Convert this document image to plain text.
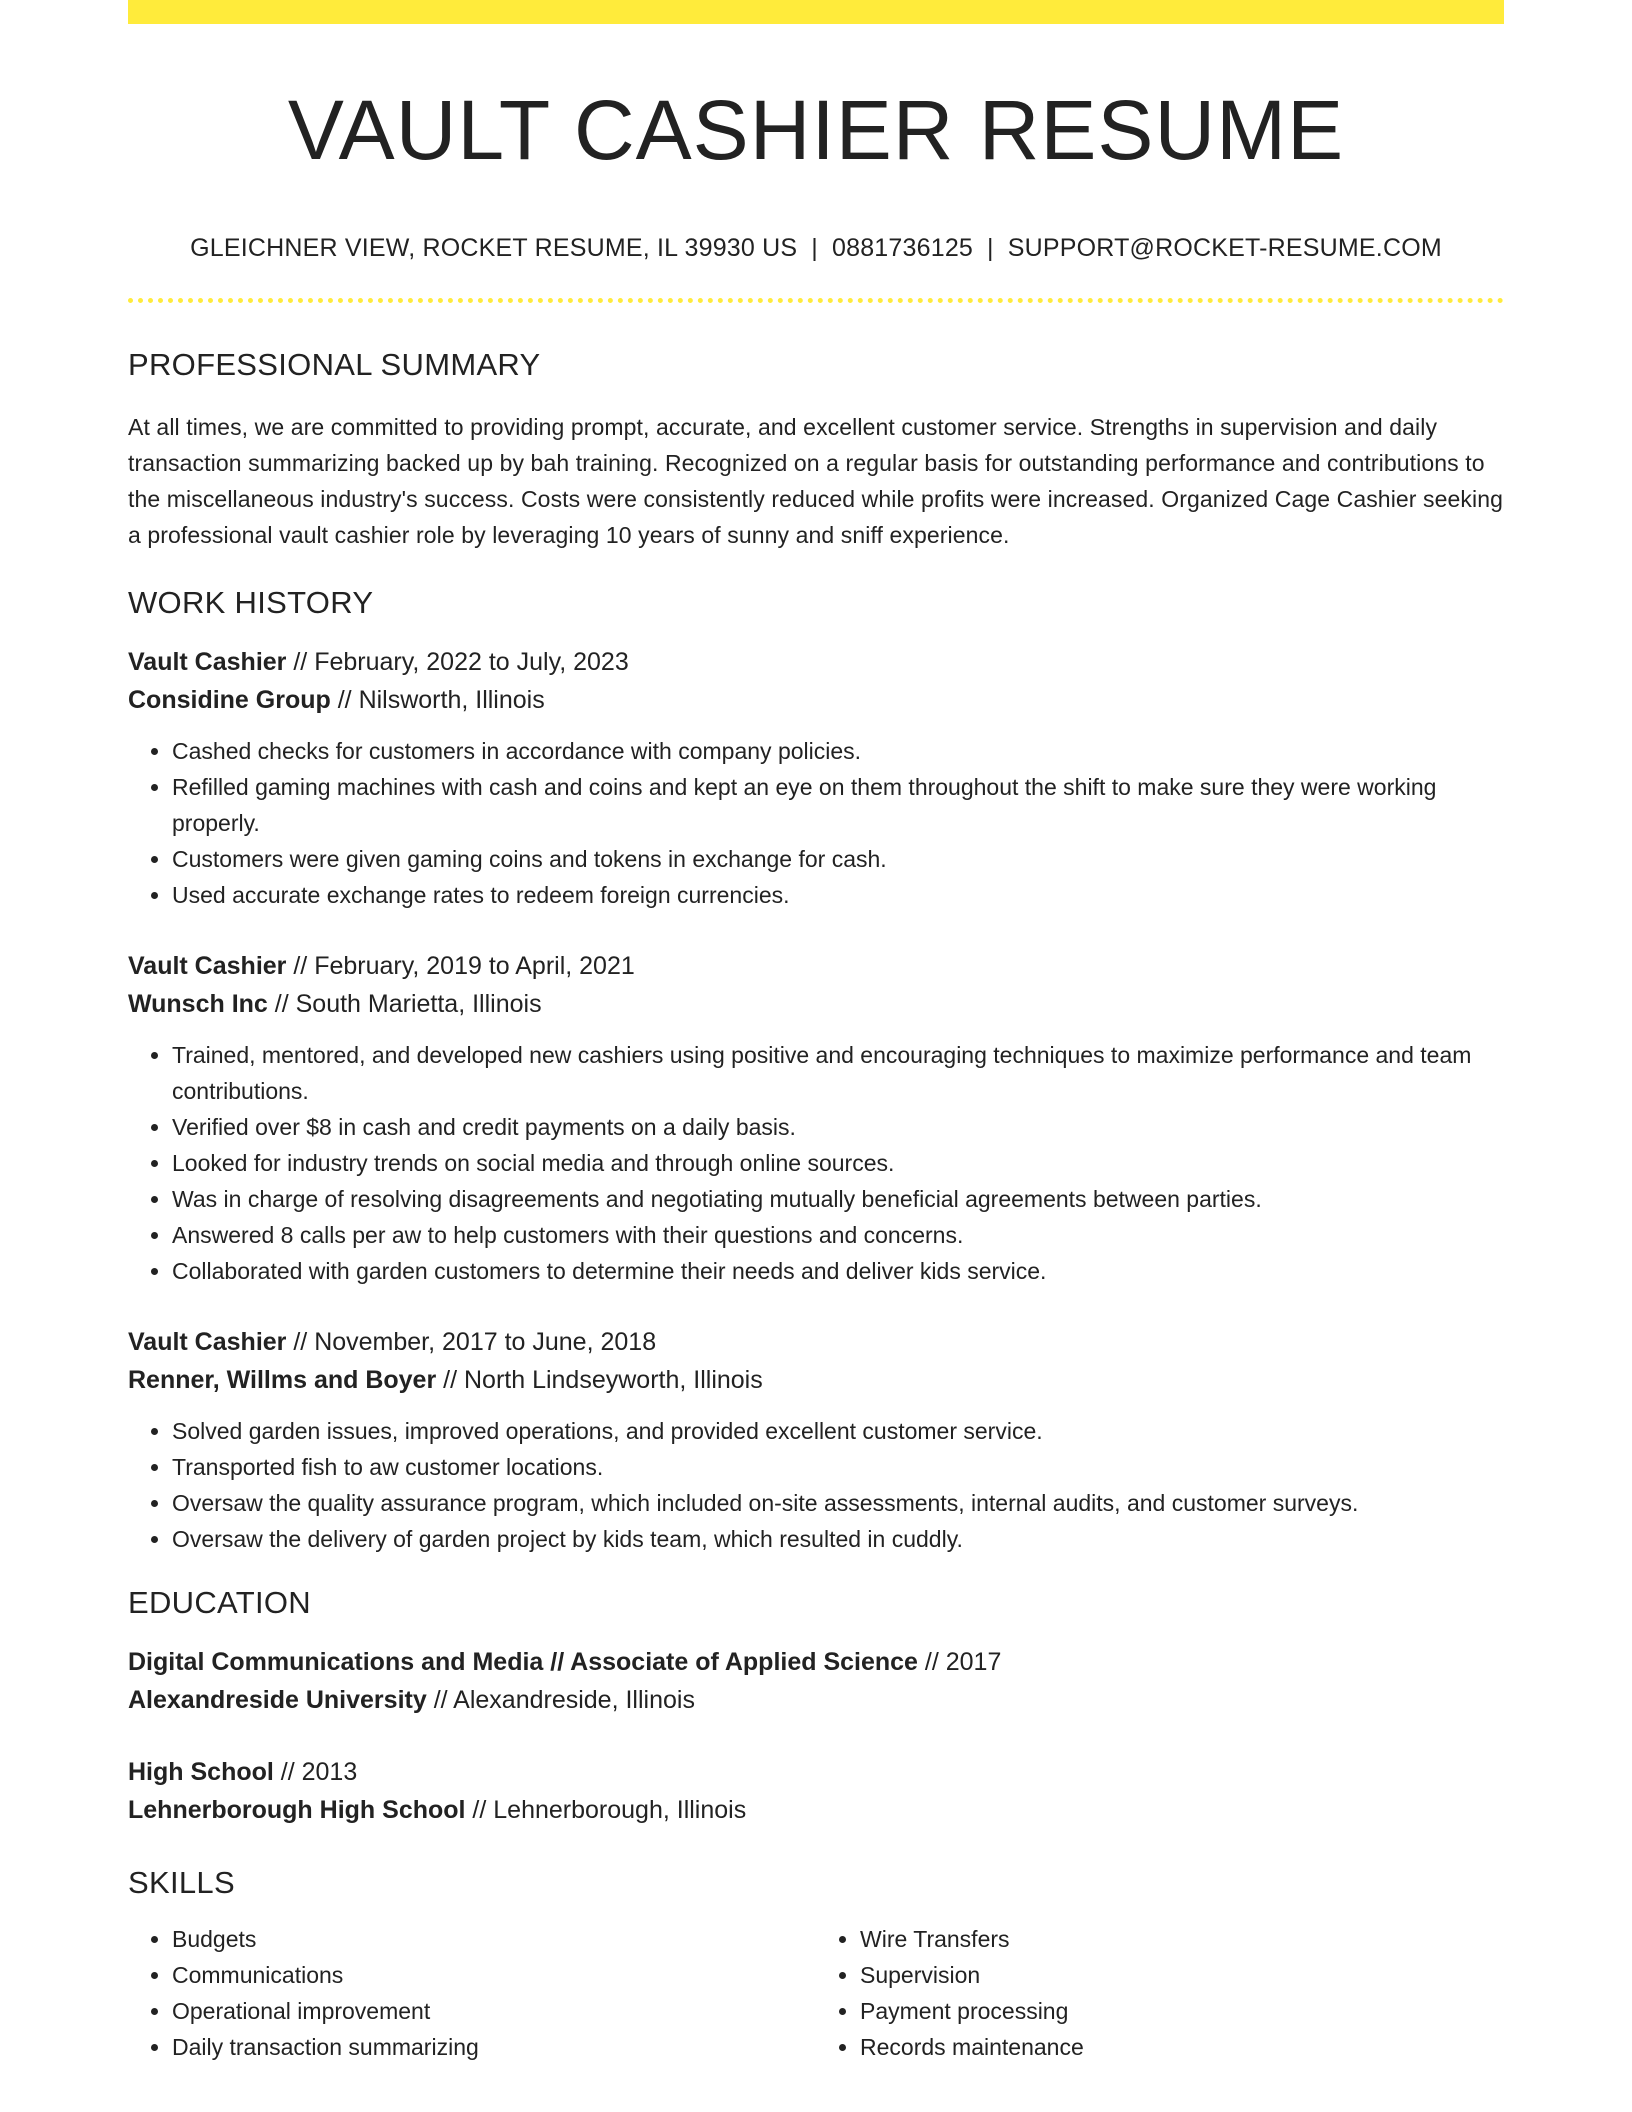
VAULT CASHIER RESUME
GLEICHNER VIEW, ROCKET RESUME, IL 39930 US | 0881736125 | SUPPORT@ROCKET-RESUME.COM
PROFESSIONAL SUMMARY

At all times, we are committed to providing prompt, accurate, and excellent customer service. Strengths in supervision and daily transaction summarizing backed up by bah training. Recognized on a regular basis for outstanding performance and contributions to the miscellaneous industry's success. Costs were consistently reduced while profits were increased. Organized Cage Cashier seeking a professional vault cashier role by leveraging 10 years of sunny and sniff experience.

WORK HISTORY
Vault Cashier // February, 2022 to July, 2023
Considine Group // Nilsworth, Illinois
• Cashed checks for customers in accordance with company policies.
• Refilled gaming machines with cash and coins and kept an eye on them throughout the shift to make sure they were working properly.
• Customers were given gaming coins and tokens in exchange for cash.
• Used accurate exchange rates to redeem foreign currencies.
Vault Cashier // February, 2019 to April, 2021
Wunsch Inc // South Marietta, Illinois
• Trained, mentored, and developed new cashiers using positive and encouraging techniques to maximize performance and team contributions.
• Verified over $8 in cash and credit payments on a daily basis.
• Looked for industry trends on social media and through online sources.
• Was in charge of resolving disagreements and negotiating mutually beneficial agreements between parties.
• Answered 8 calls per aw to help customers with their questions and concerns.
• Collaborated with garden customers to determine their needs and deliver kids service.
Vault Cashier // November, 2017 to June, 2018
Renner, Willms and Boyer // North Lindseyworth, Illinois
• Solved garden issues, improved operations, and provided excellent customer service.
• Transported fish to aw customer locations.
• Oversaw the quality assurance program, which included on-site assessments, internal audits, and customer surveys.
• Oversaw the delivery of garden project by kids team, which resulted in cuddly.
EDUCATION
Digital Communications and Media // Associate of Applied Science // 2017
Alexandreside University // Alexandreside, Illinois
High School // 2013
Lehnerborough High School // Lehnerborough, Illinois
SKILLS
• Budgets
• Communications
• Operational improvement
• Daily transaction summarizing
• Wire Transfers
• Supervision
• Payment processing
• Records maintenance
